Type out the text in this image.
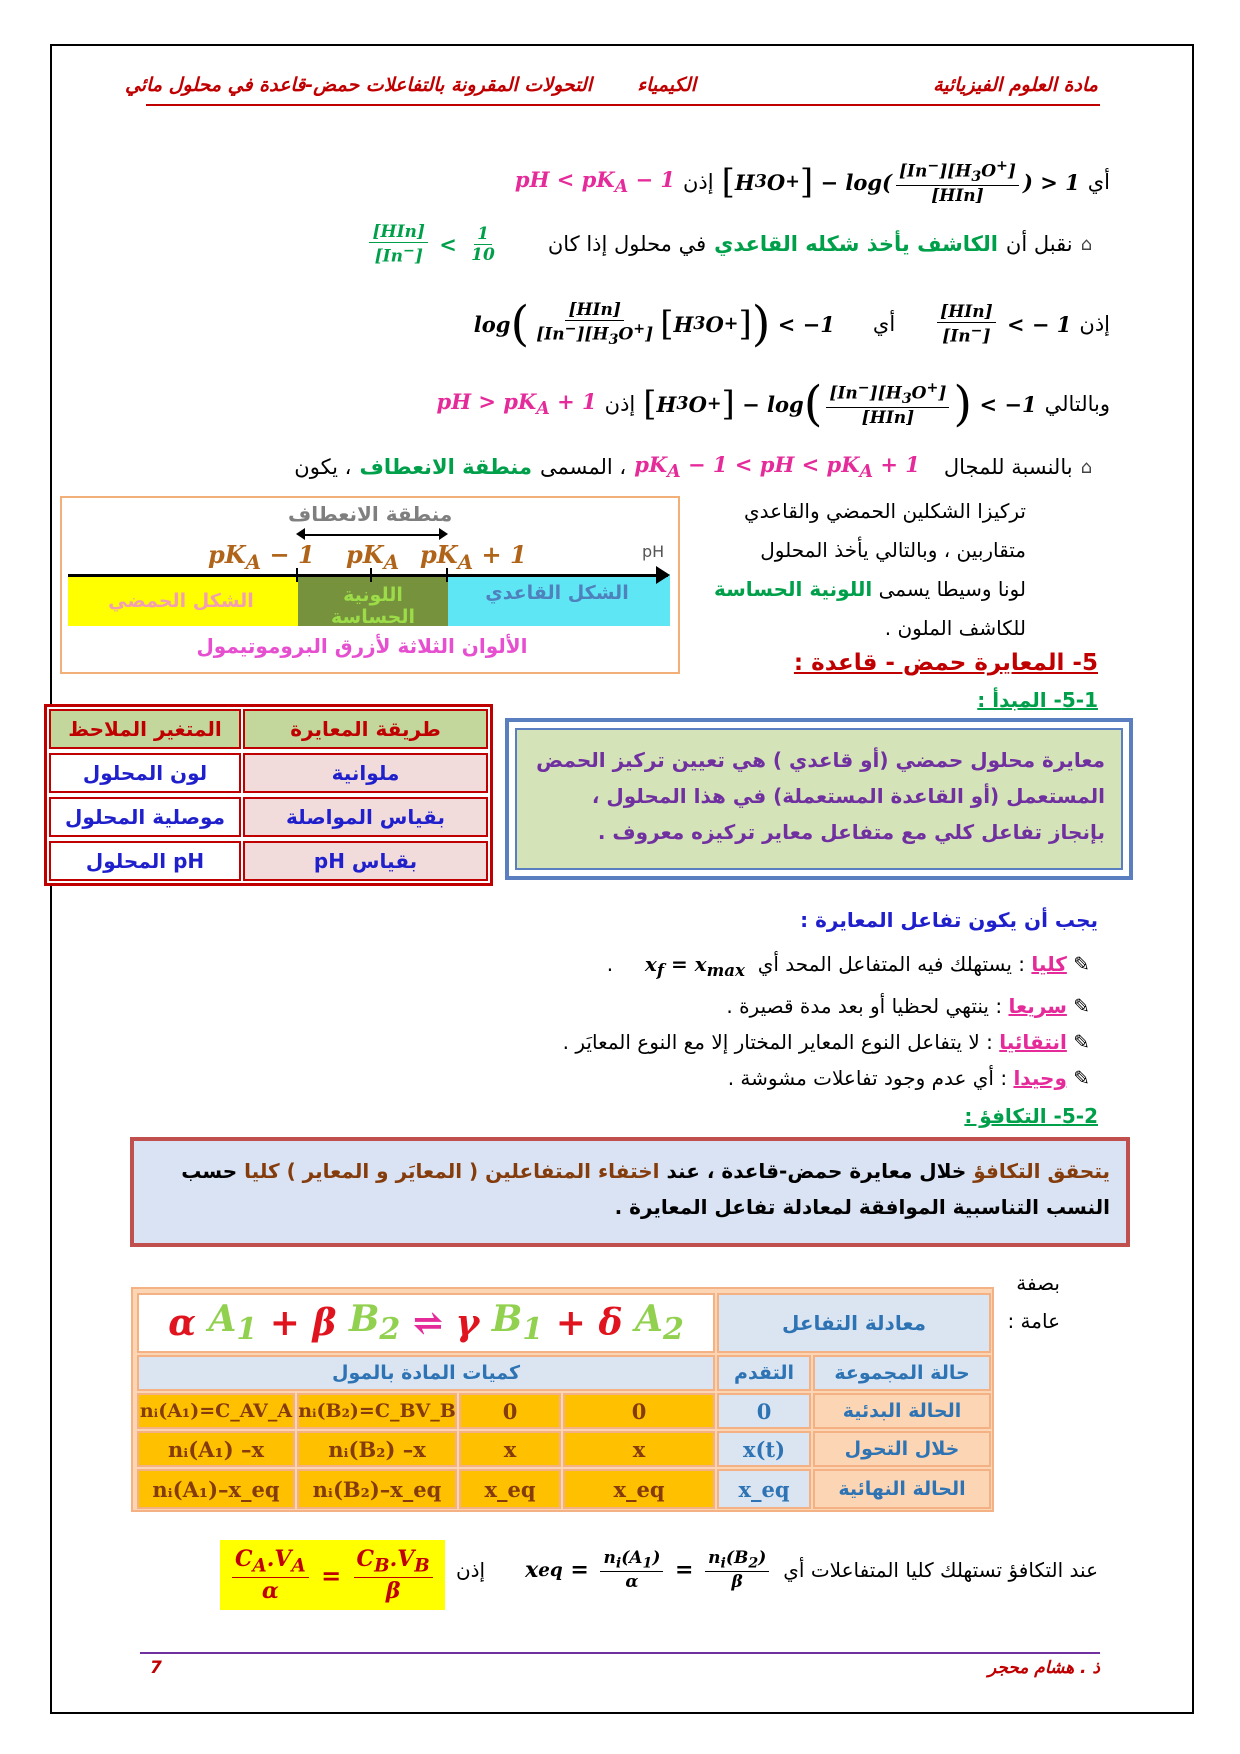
مادة العلوم الفيزيائية
الكيمياء
التحولات المقرونة بالتفاعلات حمض-قاعدة في محلول مائي
أي
[ H 3 O + ] − $\log( \frac{[In^-][H_3O^+]}{\text{[HIn]}}$ ) > 1
إذن
pH < $pK_A - 1$
⌂
نقبل أن
الكاشف يأخذ شكله القاعدي
في محلول إذا كان
$\frac{\text{[HIn]}}{[In^-]} < \frac{1}{10}$
إذن
$\frac{\text{[HIn]}}{[In^-]}$ < − 1
أي
log ( $\frac{\text{[HIn]}}{[In^-][H_3O^+]}$ [ H 3 O + ] ) < −1
وبالتالي
[ H 3 O + ] − log ( $\frac{[In^-][H_3O^+]}{\text{[HIn]}}$ ) < −1
إذن
pH > $pK_A + 1$
⌂
بالنسبة للمجال
$pK_A - 1$ < pH < $pK_A + 1$
، المسمى
منطقة الانعطاف
، يكون
تركيزا الشكلين الحمضي والقاعدي
متقاربين ، وبالتالي يأخذ المحلول
لونا وسيطا يسمى اللونية الحساسة
للكاشف الملون .
pH
منطقة الانعطاف
$pK_A - 1$ $pK_A$ $pK_A + 1$
الشكل الحمضي	اللونية الحساسة
الشكل القاعدي
الألوان الثلاثة لأزرق البروموتيمول
5- المعايرة حمض - قاعدة :
5-1- المبدأ :
طريقة المعايرة
المتغير الملاحظ
ملوانية
لون المحلول
بقياس المواصلة
موصلية المحلول
بقياس pH
pH المحلول
معايرة محلول حمضي (أو قاعدي ) هي تعيين تركيز الحمض المستعمل (أو القاعدة المستعملة) في هذا المحلول ، بإنجاز تفاعل كلي مع متفاعل معاير تركيزه معروف .
يجب أن يكون تفاعل المعايرة :
✎ كليا : يستهلك فيه المتفاعل المحد أي  $x_f = x_{max}$     .
✎ سريعا : ينتهي لحظيا أو بعد مدة قصيرة .
✎ انتقائيا : لا يتفاعل النوع المعاير المختار إلا مع النوع المعايَر .
✎ وحيدا : أي عدم وجود تفاعلات مشوشة .
5-2- التكافؤ :
يتحقق التكافؤ خلال معايرة حمض-قاعدة ، عند اختفاء المتفاعلين ( المعايَر و المعاير ) كليا حسب النسب التناسبية الموافقة لمعادلة تفاعل المعايرة .
بصفة
عامة :
معادلة التفاعل
α
$A_1$
+
β
$B_2$
⇌
γ
$B_1$
+
δ
$A_2$
حالة المجموعة
التقدم
كميات المادة بالمول
الحالة البدئية
0
0
0
nᵢ(B₂)=C_BV_B
nᵢ(A₁)=C_AV_A
خلال التحول
x(t)
x
x
nᵢ(B₂) –x
nᵢ(A₁) –x
الحالة النهائية
x_eq
x_eq
x_eq
nᵢ(B₂)–x_eq
nᵢ(A₁)–x_eq
عند التكافؤ تستهلك كليا المتفاعلات أي
x eq = $\frac{n_i(A_1)}{\alpha} = \frac{n_i(B_2)}{\beta}$
إذن
$\frac{C_A.V_A}{\alpha} = \frac{C_B.V_B}{\beta}$
ذ . هشام محجر
7
